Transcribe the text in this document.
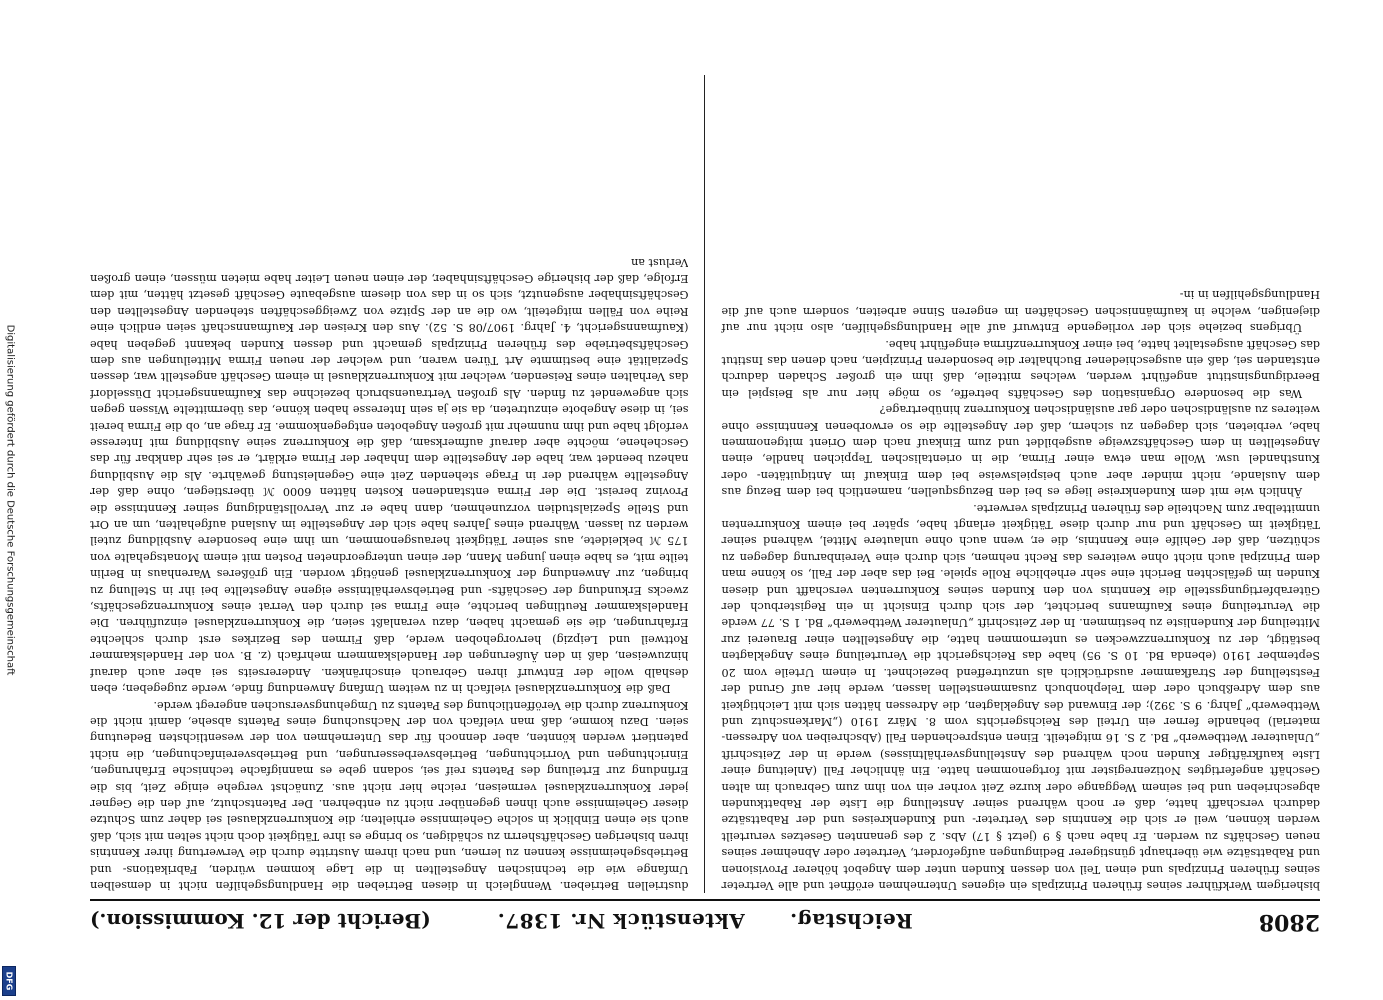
Digitalisierung gefördert durch die Deutsche Forschungsgemeinschaft
DFG
2808
Reichstag.  Aktenstück Nr. 1387.
(Bericht der 12. Kommission.)

bisherigem Werkführer seines früheren Prinzipals ein eigenes Unternehmen eröffnet und alle Vertreter seines früheren Prinzipals und einen Teil von dessen Kunden unter dem Angebot höherer Provisionen und Rabattsätze wie überhaupt günstigerer Bedingungen aufgefordert, Vertreter oder Abnehmer seines neuen Geschäfts zu werden. Er habe nach § 9 (jetzt § 17) Abs. 2 des genannten Gesetzes verurteilt werden können, weil er sich die Kenntnis des Vertreter- und Kundenkreises und der Rabattsätze dadurch verschafft hatte, daß er noch während seiner Anstellung die Liste der Rabattkunden abgeschrieben und bei seinem Weggange oder kurze Zeit vorher ein von ihm zum Gebrauch im alten Geschäft angefertigtes Notizenregister mit fortgenommen hatte. Ein ähnlicher Fall (Anleitung einer Liste kaufkräftiger Kunden noch während des Anstellungsverhältnisses) werde in der Zeitschrift „Unlauterer Wettbewerb“ Bd. 2 S. 16 mitgeteilt. Einen entsprechenden Fall (Abschreiben von Adressen-material) behandle ferner ein Urteil des Reichsgerichts vom 8. März 1910 („Markenschutz und Wettbewerb“ Jahrg. 9 S. 392); der Einwand des Angeklagten, die Adressen hätten sich mit Leichtigkeit aus dem Adreßbuch oder dem Telephonbuch zusammenstellen lassen, werde hier auf Grund der Feststellung der Strafkammer ausdrücklich als unzutreffend bezeichnet. In einem Urteile vom 20 September 1910 (ebenda Bd. 10 S. 95) habe das Reichsgericht die Verurteilung eines Angeklagten bestätigt, der zu Konkurrenzzwecken es unternommen hatte, die Angestellten einer Brauerei zur Mitteilung der Kundenliste zu bestimmen. In der Zeitschrift „Unlauterer Wettbewerb“ Bd. 1 S. 77 werde die Verurteilung eines Kaufmanns berichtet, der sich durch Einsicht in ein Registerbuch der Güterabfertigungsstelle die Kenntnis von den Kunden seines Konkurrenten verschafft und diesen Kunden im gefälschten Bericht eine sehr erhebliche Rolle spiele. Bei das aber der Fall, so könne man dem Prinzipal auch nicht ohne weiteres das Recht nehmen, sich durch eine Vereinbarung dagegen zu schützen, daß der Gehilfe eine Kenntnis, die er, wenn auch ohne unlautere Mittel, während seiner Tätigkeit im Geschäft und nur durch diese Tätigkeit erlangt habe, später bei einem Konkurrenten unmittelbar zum Nachteile des früheren Prinzipals verwerte.

Ähnlich wie mit dem Kundenkreise liege es bei den Bezugsquellen, namentlich bei dem Bezug aus dem Auslande, nicht minder aber auch beispielsweise bei dem Einkauf im Antiquitäten- oder Kunsthandel usw. Wolle man etwa einer Firma, die in orientalischen Teppichen handle, einen Angestellten in dem Geschäftszweige ausgebildet und zum Einkauf nach dem Orient mitgenommen habe, verbieten, sich dagegen zu sichern, daß der Angestellte die so erworbenen Kenntnisse ohne weiteres zu ausländischen oder gar ausländischen Konkurrenz hinübertrage?

Was die besondere Organisation des Geschäfts betreffe, so möge hier nur als Beispiel ein Beerdigungsinstitut angeführt werden, welches mitteile, daß ihm ein großer Schaden dadurch entstanden sei, daß ein ausgeschiedener Buchhalter die besonderen Prinzipien, nach denen das Institut das Geschäft ausgestaltet hatte, bei einer Konkurrenzfirma eingeführt habe.

Übrigens beziehe sich der vorliegende Entwurf auf alle Handlungsgehilfen, also nicht nur auf diejenigen, welche in kaufmännischen Geschäften im engeren Sinne arbeiten, sondern auch auf die Handlungsgehilfen in in-

dustriellen Betrieben. Wenngleich in diesen Betrieben die Handlungsgehilfen nicht in demselben Umfange wie die technischen Angestellten in die Lage kommen würden, Fabrikations- und Betriebsgeheimnisse kennen zu lernen, und nach ihrem Austritte durch die Verwertung ihrer Kenntnis ihren bisherigen Geschäftsherrn zu schädigen, so bringe es ihre Tätigkeit doch nicht selten mit sich, daß auch sie einen Einblick in solche Geheimnisse erhielten; die Konkurrenzklausel sei daher zum Schutze dieser Geheimnisse auch ihnen gegenüber nicht zu entbehren. Der Patentschutz, auf den die Gegner jeder Konkurrenzklausel vermeisen, reiche hier nicht aus. Zunächst vergehe einige Zeit, bis die Erfindung zur Erteilung des Patents reif sei, sodann gebe es mannigfache technische Erfahrungen, Einrichtungen und Vorrichtungen, Betriebsverbesserungen, und Betriebsvereinfachungen, die nicht patentiert werden könnten, aber dennoch für das Unternehmen von der wesentlichsten Bedeutung seien. Dazu komme, daß man vielfach von der Nachsuchung eines Patents absehe, damit nicht die Konkurrenz durch die Veröffentlichung des Patents zu Umgehungsversuchen angeregt werde.

Daß die Konkurrenzklausel vielfach in zu weitem Umfang Anwendung finde, werde zugegeben; eben deshalb wolle der Entwurf ihren Gebrauch einschränken. Andererseits sei aber auch darauf hinzuweisen, daß in den Äußerungen der Handelskammern mehrfach (z. B. von der Handelskammer Rottweil und Leipzig) hervorgehoben werde, daß Firmen des Bezirkes erst durch schlechte Erfahrungen, die sie gemacht haben, dazu veranlaßt seien, die Konkurrenzklausel einzuführen. Die Handelskammer Reutlingen berichte, eine Firma sei durch den Verrat eines Konkurrenzgeschäfts, zwecks Erkundung der Geschäfts- und Betriebsverhältnisse eigene Angestellte bei ihr in Stellung zu bringen, zur Anwendung der Konkurrenzklausel genötigt worden. Ein größeres Warenhaus in Berlin teilte mit, es habe einen jungen Mann, der einen untergeordneten Posten mit einem Monatsgehalte von 175 ℳ bekleidete, aus seiner Tätigkeit herausgenommen, um ihm eine besondere Ausbildung zuteil werden zu lassen. Während eines Jahres habe sich der Angestellte im Ausland aufgehalten, um an Ort und Stelle Spezialstudien vorzunehmen, dann habe er zur Vervollständigung seiner Kenntnisse die Provinz bereist. Die der Firma entstandenen Kosten hätten 6000 ℳ überstiegen, ohne daß der Angestellte während der in Frage stehenden Zeit eine Gegenleistung gewährte. Als die Ausbildung nahezu beendet war, habe der Angestellte dem Inhaber der Firma erklärt, er sei sehr dankbar für das Geschehene, möchte aber darauf aufmerksam, daß die Konkurrenz seine Ausbildung mit Interesse verfolgt habe und ihm nunmehr mit großen Angeboten entgegenkomme. Er frage an, ob die Firma bereit sei, in diese Angebote einzutreten, da sie ja sein Interesse haben könne, das übermittelte Wissen gegen sich angewendet zu finden. Als großen Vertrauensbruch bezeichne das Kaufmannsgericht Düsseldorf das Verhalten eines Reisenden, welcher mit Konkurrenzklausel in einem Geschäft angestellt war, dessen Spezialität eine bestimmte Art Türen waren, und welcher der neuen Firma Mitteilungen aus dem Geschäftsbetriebe des früheren Prinzipals gemacht und dessen Kunden bekannt gegeben habe (Kaufmannsgericht, 4. Jahrg. 1907/08 S. 52). Aus den Kreisen der Kaufmannschaft seien endlich eine Reihe von Fällen mitgeteilt, wo die an der Spitze von Zweiggeschäften stehenden Angestellten den Geschäftsinhaber ausgenutzt, sich so in das von diesem ausgebaute Geschäft gesetzt hätten, mit dem Erfolge, daß der bisherige Geschäftsinhaber, der einen neuen Leiter habe mieten müssen, einen großen Verlust an
